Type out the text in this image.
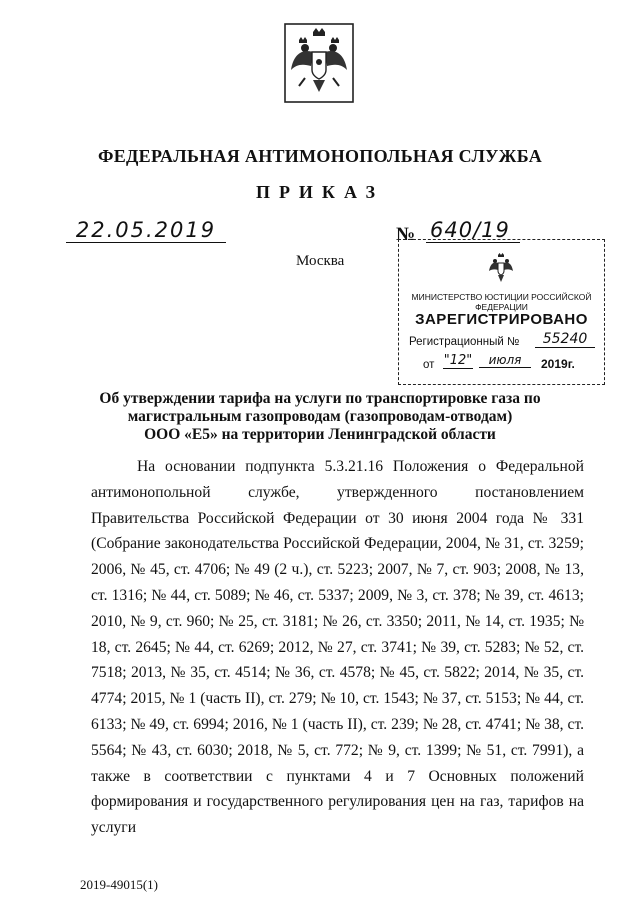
ФЕДЕРАЛЬНАЯ АНТИМОНОПОЛЬНАЯ СЛУЖБА
ПРИКАЗ
22.05.2019	№ 640/19
Москва
МИНИСТЕРСТВО ЮСТИЦИИ РОССИЙСКОЙ ФЕДЕРАЦИИ
ЗАРЕГИСТРИРОВАНО
Регистрационный №	55240
от "12"	июля	2019г.
Об утверждении тарифа на услуги по транспортировке газа по
магистральным газопроводам (газопроводам-отводам)
ООО «Е5» на территории Ленинградской области
На основании подпункта 5.3.21.16 Положения о Федеральной антимонопольной службе, утвержденного постановлением Правительства Российской Федерации от 30 июня 2004 года № 331 (Собрание законодательства Российской Федерации, 2004, № 31, ст. 3259; 2006, № 45, ст. 4706; № 49 (2 ч.), ст. 5223; 2007, № 7, ст. 903; 2008, № 13, ст. 1316; № 44, ст. 5089; № 46, ст. 5337; 2009, № 3, ст. 378; № 39, ст. 4613; 2010, № 9, ст. 960; № 25, ст. 3181; № 26, ст. 3350; 2011, № 14, ст. 1935; № 18, ст. 2645; № 44, ст. 6269; 2012, № 27, ст. 3741; № 39, ст. 5283; № 52, ст. 7518; 2013, № 35, ст. 4514; № 36, ст. 4578; № 45, ст. 5822; 2014, № 35, ст. 4774; 2015, № 1 (часть II), ст. 279; № 10, ст. 1543; № 37, ст. 5153; № 44, ст. 6133; № 49, ст. 6994; 2016, № 1 (часть II), ст. 239; № 28, ст. 4741; № 38, ст. 5564; № 43, ст. 6030; 2018, № 5, ст. 772; № 9, ст. 1399; № 51, ст. 7991), а также в соответствии с пунктами 4 и 7 Основных положений формирования и государственного регулирования цен на газ, тарифов на услуги
2019-49015(1)
